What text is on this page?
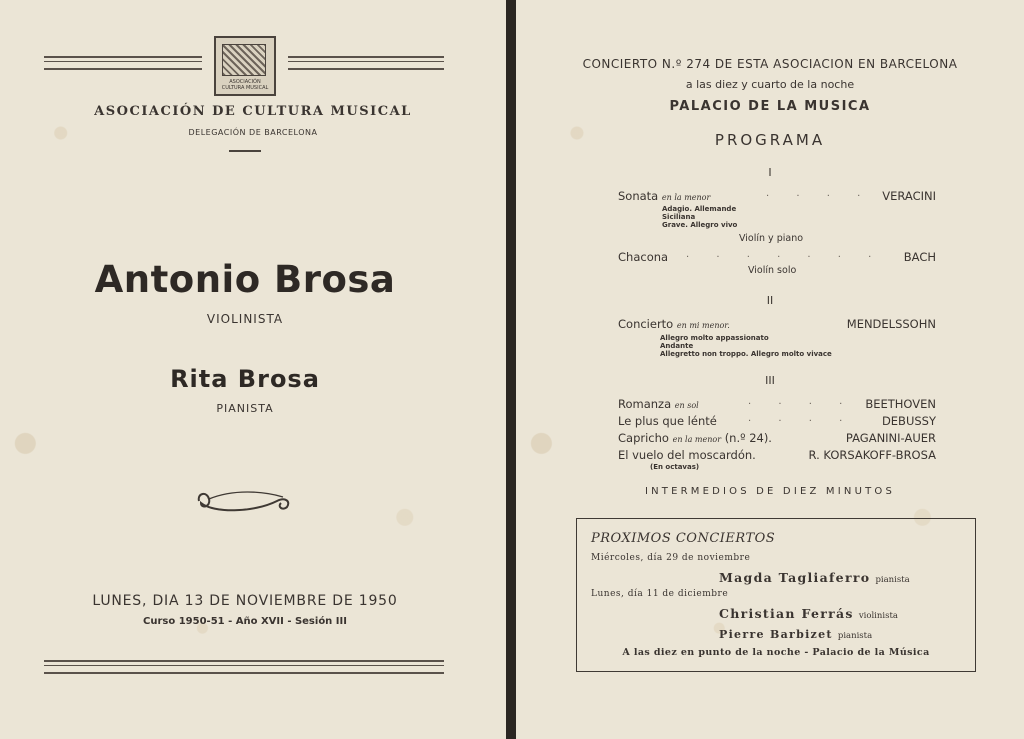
ASOCIACIÓN CULTURA MUSICAL
ASOCIACIÓN DE CULTURA MUSICAL
DELEGACIÓN DE BARCELONA
Antonio Brosa
VIOLINISTA
Rita Brosa
PIANISTA
LUNES, DIA 13 DE NOVIEMBRE DE 1950
Curso 1950-51 - Año XVII - Sesión III
CONCIERTO N.º 274 DE ESTA ASOCIACION EN BARCELONA
a las diez y cuarto de la noche
PALACIO DE LA MUSICA
PROGRAMA
I
Sonata en la menor	. . . . VERACINI
Adagio. Allemande
Siciliana
Grave. Allegro vivo
Violín y piano
Chacona . . . . . . . BACH
Violín solo
II
Concierto en mi menor.	MENDELSSOHN
Allegro molto appassionato
Andante
Allegretto non troppo. Allegro molto vivace
III
Romanza en sol	. . . . BEETHOVEN
Le plus que lénté	. . . . DEBUSSY
Capricho en la menor (n.º 24).	PAGANINI-AUER
El vuelo del moscardón.	R. KORSAKOFF-BROSA
(En octavas)
INTERMEDIOS DE DIEZ MINUTOS
PROXIMOS CONCIERTOS
Miércoles, día 29 de noviembre
Magda Tagliaferro pianista
Lunes, día 11 de diciembre
Christian Ferrás violinista
Pierre Barbizet pianista
A las diez en punto de la noche - Palacio de la Música
